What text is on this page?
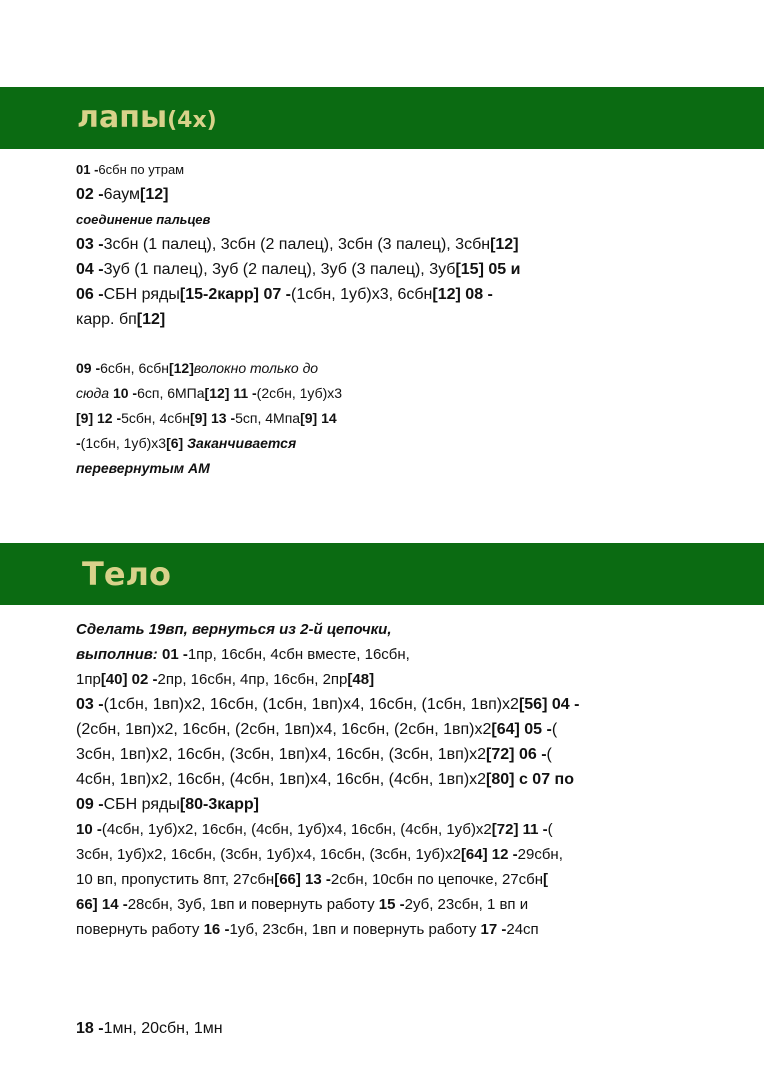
лапы(4х)
01 -6сбн по утрам
02 -6аум[12]
соединение пальцев
03 -3сбн (1 палец), 3сбн (2 палец), 3сбн (3 палец), 3сбн[12]
04 -3уб (1 палец), 3уб (2 палец), 3уб (3 палец), 3уб[15] 05 и
06 -СБН ряды[15-2карр] 07 -(1сбн, 1уб)х3, 6сбн[12] 08 -
карр. бп[12]
09 -6сбн, 6сбн[12]волокно только до
сюда 10 -6сп, 6МПа[12] 11 -(2сбн, 1уб)х3
[9] 12 -5сбн, 4сбн[9] 13 -5сп, 4Мпа[9] 14
-(1сбн, 1уб)х3[6] Заканчивается
перевернутым АМ
Тело
Сделать 19вп, вернуться из 2-й цепочки,
выполнив: 01 -1пр, 16сбн, 4сбн вместе, 16сбн,
1пр[40] 02 -2пр, 16сбн, 4пр, 16сбн, 2пр[48]
03 -(1сбн, 1вп)х2, 16сбн, (1сбн, 1вп)х4, 16сбн, (1сбн, 1вп)х2[56] 04 -
(2сбн, 1вп)х2, 16сбн, (2сбн, 1вп)х4, 16сбн, (2сбн, 1вп)х2[64] 05 -(
3сбн, 1вп)х2, 16сбн, (3сбн, 1вп)х4, 16сбн, (3сбн, 1вп)х2[72] 06 -(
4сбн, 1вп)х2, 16сбн, (4сбн, 1вп)х4, 16сбн, (4сбн, 1вп)х2[80] с 07 по
09 -СБН ряды[80-3карр]
10 -(4сбн, 1уб)х2, 16сбн, (4сбн, 1уб)х4, 16сбн, (4сбн, 1уб)х2[72] 11 -(
3сбн, 1уб)х2, 16сбн, (3сбн, 1уб)х4, 16сбн, (3сбн, 1уб)х2[64] 12 -29сбн,
10 вп, пропустить 8пт, 27сбн[66] 13 -2сбн, 10сбн по цепочке, 27сбн[
66] 14 -28сбн, 3уб, 1вп и повернуть работу 15 -2уб, 23сбн, 1 вп и
повернуть работу 16 -1уб, 23сбн, 1вп и повернуть работу 17 -24сп
18 -1мн, 20сбн, 1мн
